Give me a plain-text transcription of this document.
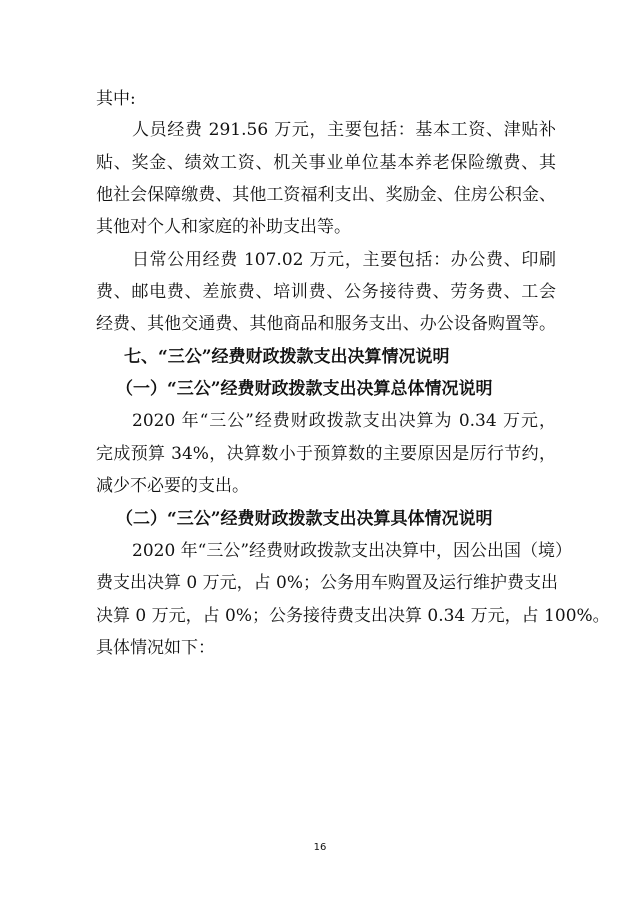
其中:
人员经费 291.56 万元，主要包括：基本工资、津贴补
贴、奖金、绩效工资、机关事业单位基本养老保险缴费、其
他社会保障缴费、其他工资福利支出、奖励金、住房公积金、
其他对个人和家庭的补助支出等。
日常公用经费 107.02 万元，主要包括：办公费、印刷
费、邮电费、差旅费、培训费、公务接待费、劳务费、工会
经费、其他交通费、其他商品和服务支出、办公设备购置等。
七、“三公”经费财政拨款支出决算情况说明
（一）“三公”经费财政拨款支出决算总体情况说明
2020 年“三公”经费财政拨款支出决算为 0.34 万元，
完成预算 34%，决算数小于预算数的主要原因是厉行节约，
减少不必要的支出。
（二）“三公”经费财政拨款支出决算具体情况说明
2020 年“三公”经费财政拨款支出决算中，因公出国（境）
费支出决算 0 万元，占 0%；公务用车购置及运行维护费支出
决算 0 万元，占 0%；公务接待费支出决算 0.34 万元，占 100%。
具体情况如下：
16
